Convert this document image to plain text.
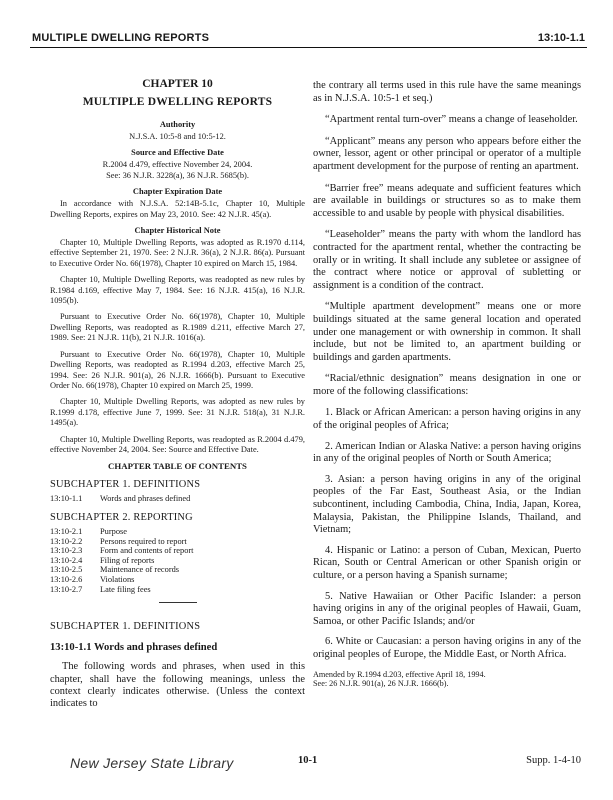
MULTIPLE DWELLING REPORTS	13:10-1.1
CHAPTER 10
MULTIPLE DWELLING REPORTS
Authority
N.J.S.A. 10:5-8 and 10:5-12.
Source and Effective Date
R.2004 d.479, effective November 24, 2004.
See: 36 N.J.R. 3228(a), 36 N.J.R. 5685(b).
Chapter Expiration Date
In accordance with N.J.S.A. 52:14B-5.1c, Chapter 10, Multiple Dwelling Reports, expires on May 23, 2010. See: 42 N.J.R. 45(a).
Chapter Historical Note
Chapter 10, Multiple Dwelling Reports, was adopted as R.1970 d.114, effective September 21, 1970. See: 2 N.J.R. 36(a), 2 N.J.R. 86(a). Pursuant to Executive Order No. 66(1978), Chapter 10 expired on March 15, 1984.
Chapter 10, Multiple Dwelling Reports, was readopted as new rules by R.1984 d.169, effective May 7, 1984. See: 16 N.J.R. 415(a), 16 N.J.R. 1095(b).
Pursuant to Executive Order No. 66(1978), Chapter 10, Multiple Dwelling Reports, was readopted as R.1989 d.211, effective March 27, 1989. See: 21 N.J.R. 11(b), 21 N.J.R. 1016(a).
Pursuant to Executive Order No. 66(1978), Chapter 10, Multiple Dwelling Reports, was readopted as R.1994 d.203, effective March 25, 1994. See: 26 N.J.R. 901(a), 26 N.J.R. 1666(b). Pursuant to Executive Order No. 66(1978), Chapter 10 expired on March 25, 1999.
Chapter 10, Multiple Dwelling Reports, was adopted as new rules by R.1999 d.178, effective June 7, 1999. See: 31 N.J.R. 518(a), 31 N.J.R. 1495(a).
Chapter 10, Multiple Dwelling Reports, was readopted as R.2004 d.479, effective November 24, 2004. See: Source and Effective Date.
CHAPTER TABLE OF CONTENTS
SUBCHAPTER 1. DEFINITIONS
13:10-1.1	Words and phrases defined
SUBCHAPTER 2. REPORTING
13:10-2.1	Purpose
13:10-2.2	Persons required to report
13:10-2.3	Form and contents of report
13:10-2.4	Filing of reports
13:10-2.5	Maintenance of records
13:10-2.6	Violations
13:10-2.7	Late filing fees
SUBCHAPTER 1. DEFINITIONS
13:10-1.1 Words and phrases defined

The following words and phrases, when used in this chapter, shall have the following meanings, unless the context clearly indicates otherwise. (Unless the context indicates to

the contrary all terms used in this rule have the same meanings as in N.J.S.A. 10:5-1 et seq.)

“Apartment rental turn-over” means a change of leaseholder.

“Applicant” means any person who appears before either the owner, lessor, agent or other principal or operator of a multiple apartment development for the purpose of renting an apartment.

“Barrier free” means adequate and sufficient features which are available in buildings or structures so as to make them accessible to and usable by people with physical disabilities.

“Leaseholder” means the party with whom the landlord has contracted for the apartment rental, whether the contracting be orally or in writing. It shall include any subletee or assignee of the contract where notice or approval of subletting or assignment is a condition of the contract.

“Multiple apartment development” means one or more buildings situated at the same general location and operated under one management or with ownership in common. It shall include, but not be limited to, an apartment building or buildings and garden apartments.

“Racial/ethnic designation” means designation in one or more of the following classifications:

1. Black or African American: a person having origins in any of the original peoples of Africa;

2. American Indian or Alaska Native: a person having origins in any of the original peoples of North or South America;

3. Asian: a person having origins in any of the original peoples of the Far East, Southeast Asia, or the Indian subcontinent, including Cambodia, China, India, Japan, Korea, Malaysia, Pakistan, the Philippine Islands, Thailand, and Vietnam;

4. Hispanic or Latino: a person of Cuban, Mexican, Puerto Rican, South or Central American or other Spanish origin or culture, or a person having a Spanish surname;

5. Native Hawaiian or Other Pacific Islander: a person having origins in any of the original peoples of Hawaii, Guam, Samoa, or other Pacific Islands; and/or

6. White or Caucasian: a person having origins in any of the original peoples of Europe, the Middle East, or North Africa.

Amended by R.1994 d.203, effective April 18, 1994.

See: 26 N.J.R. 901(a), 26 N.J.R. 1666(b).

New Jersey State Library	10-1	Supp. 1-4-10
